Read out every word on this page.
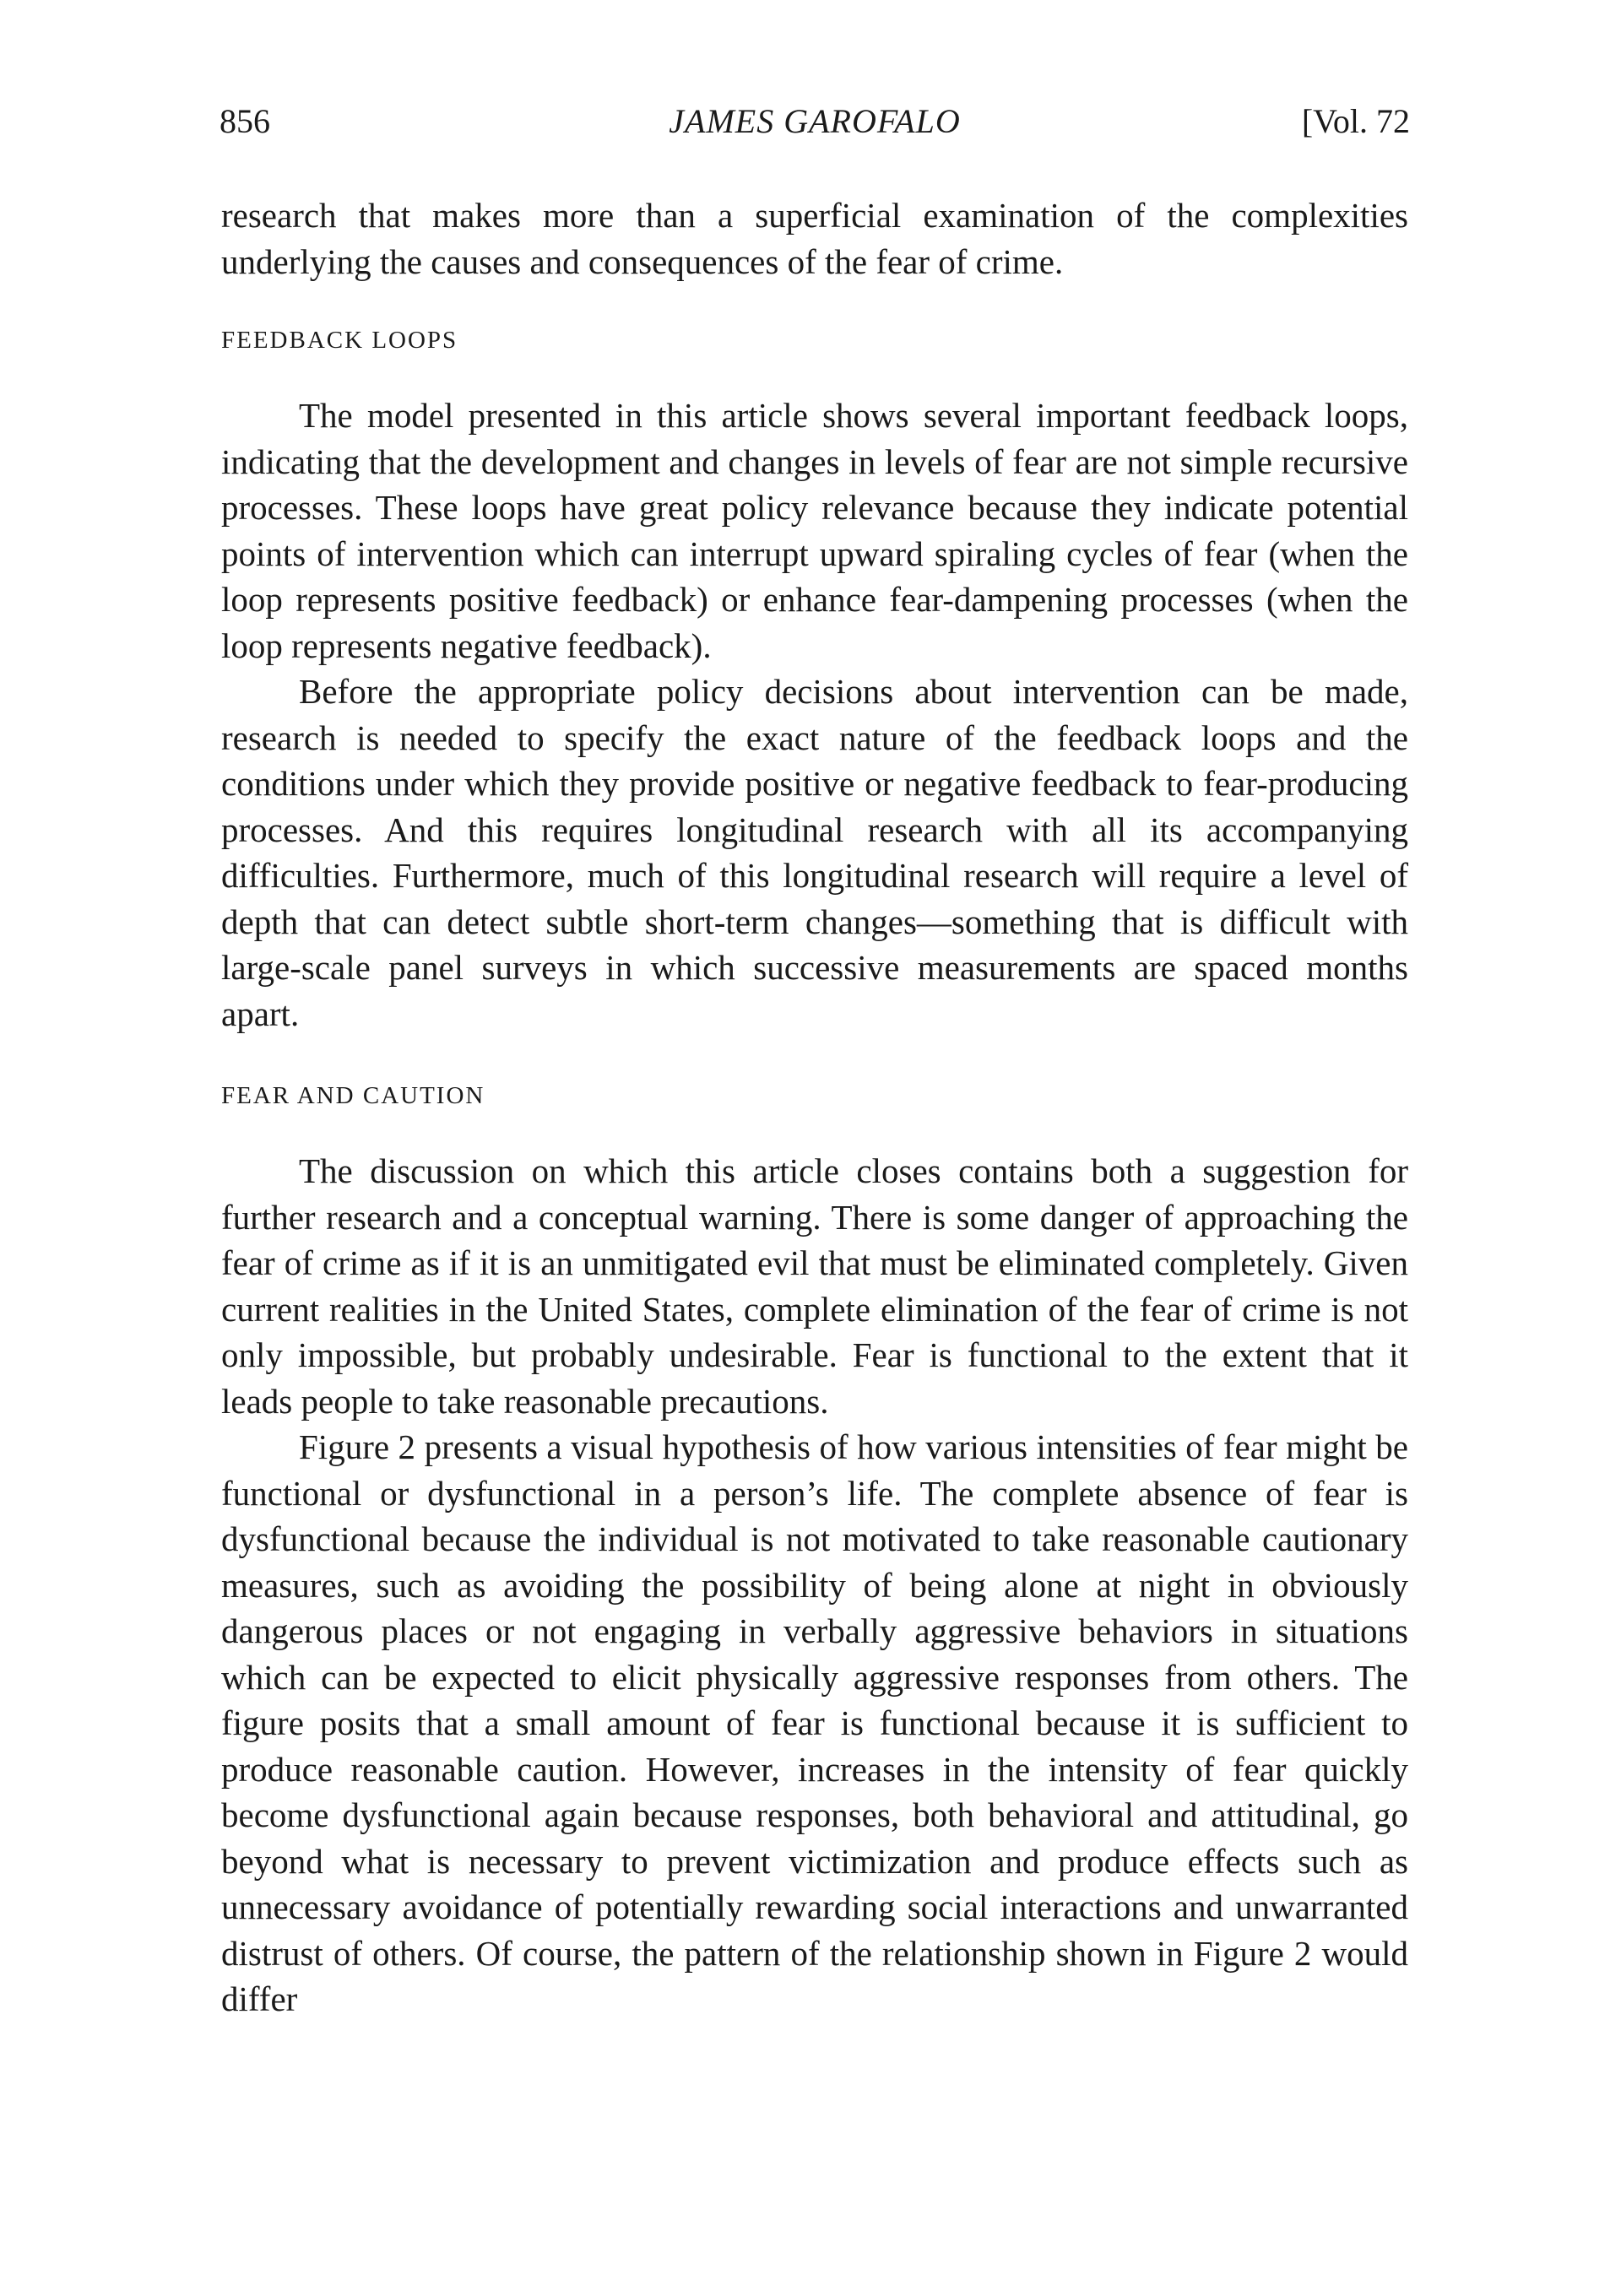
856	JAMES GAROFALO	[Vol. 72

research that makes more than a superficial examination of the complexities underlying the causes and consequences of the fear of crime.

FEEDBACK LOOPS

The model presented in this article shows several important feedback loops, indicating that the development and changes in levels of fear are not simple recursive processes. These loops have great policy relevance because they indicate potential points of intervention which can interrupt upward spiraling cycles of fear (when the loop represents positive feedback) or enhance fear-dampening processes (when the loop represents negative feedback).

Before the appropriate policy decisions about intervention can be made, research is needed to specify the exact nature of the feedback loops and the conditions under which they provide positive or negative feedback to fear-producing processes. And this requires longitudinal research with all its accompanying difficulties. Furthermore, much of this longitudinal research will require a level of depth that can detect subtle short-term changes—something that is difficult with large-scale panel surveys in which successive measurements are spaced months apart.

FEAR AND CAUTION

The discussion on which this article closes contains both a suggestion for further research and a conceptual warning. There is some danger of approaching the fear of crime as if it is an unmitigated evil that must be eliminated completely. Given current realities in the United States, complete elimination of the fear of crime is not only impossible, but probably undesirable. Fear is functional to the extent that it leads people to take reasonable precautions.

Figure 2 presents a visual hypothesis of how various intensities of fear might be functional or dysfunctional in a person’s life. The complete absence of fear is dysfunctional because the individual is not motivated to take reasonable cautionary measures, such as avoiding the possibility of being alone at night in obviously dangerous places or not engaging in verbally aggressive behaviors in situations which can be expected to elicit physically aggressive responses from others. The figure posits that a small amount of fear is functional because it is sufficient to produce reasonable caution. However, increases in the intensity of fear quickly become dysfunctional again because responses, both behavioral and attitudinal, go beyond what is necessary to prevent victimization and produce effects such as unnecessary avoidance of potentially rewarding social interactions and unwarranted distrust of others. Of course, the pattern of the relationship shown in Figure 2 would differ
